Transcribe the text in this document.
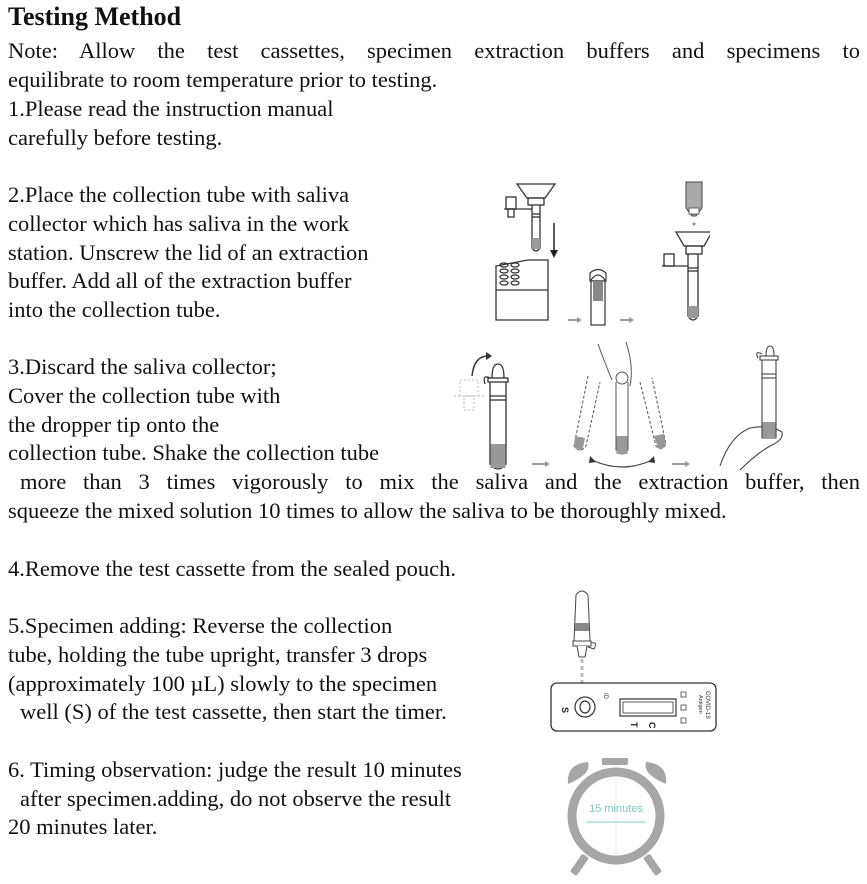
Testing Method
Note: Allow the test cassettes, specimen extraction buffers and specimens to
equilibrate to room temperature prior to testing.
1.Please read the instruction manual
carefully before testing.
2.Place the collection tube with saliva
collector which has saliva in the work
station. Unscrew the lid of an extraction
buffer. Add all of the extraction buffer
into the collection tube.
3.Discard the saliva collector;
Cover the collection tube with
the dropper tip onto the
collection tube. Shake the collection tube
more than 3 times vigorously to mix the saliva and the extraction buffer, then
squeeze the mixed solution 10 times to allow the saliva to be thoroughly mixed.
4.Remove the test cassette from the sealed pouch.
5.Specimen adding: Reverse the collection
tube, holding the tube upright, transfer 3 drops
(approximately 100 µL) slowly to the specimen
well (S) of the test cassette, then start the timer.
6. Timing observation: judge the result 10 minutes
after specimen.adding, do not observe the result
20 minutes later.
S
ID
T C
COVID-19
Antigen
15 minutes
